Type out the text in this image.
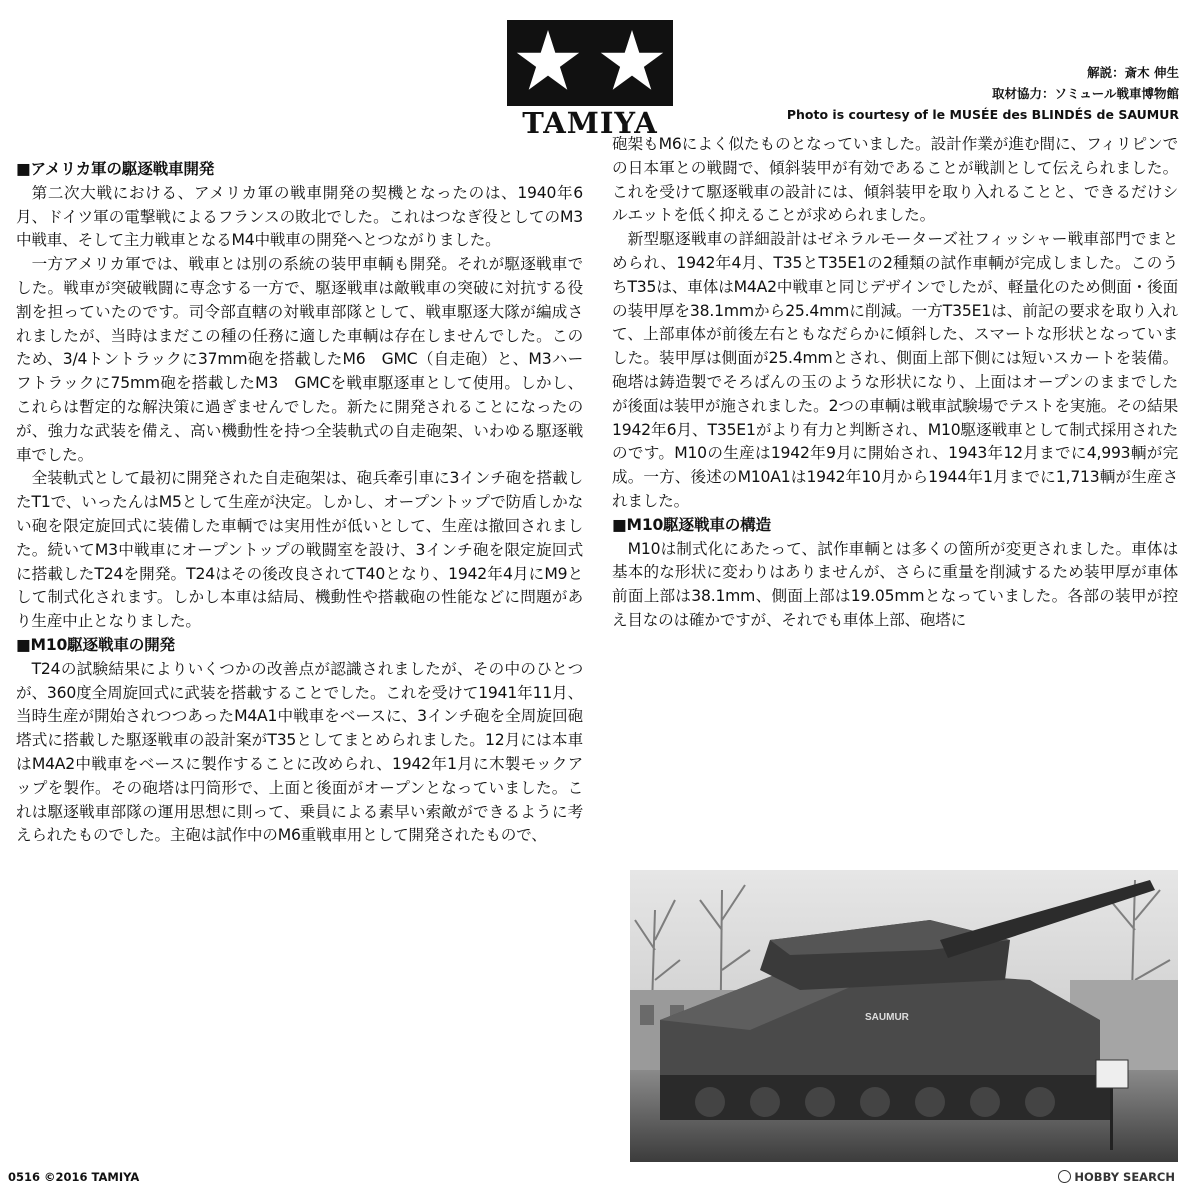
TAMIYA
解説：斎木 伸生
取材協力：ソミュール戦車博物館
Photo is courtesy of le MUSÉE des BLINDÉS de SAUMUR
■アメリカ軍の駆逐戦車開発

第二次大戦における、アメリカ軍の戦車開発の契機となったのは、1940年6月、ドイツ軍の電撃戦によるフランスの敗北でした。これはつなぎ役としてのM3中戦車、そして主力戦車となるM4中戦車の開発へとつながりました。

一方アメリカ軍では、戦車とは別の系統の装甲車輌も開発。それが駆逐戦車でした。戦車が突破戦闘に専念する一方で、駆逐戦車は敵戦車の突破に対抗する役割を担っていたのです。司令部直轄の対戦車部隊として、戦車駆逐大隊が編成されましたが、当時はまだこの種の任務に適した車輌は存在しませんでした。このため、3/4トントラックに37mm砲を搭載したM6　GMC（自走砲）と、M3ハーフトラックに75mm砲を搭載したM3　GMCを戦車駆逐車として使用。しかし、これらは暫定的な解決策に過ぎませんでした。新たに開発されることになったのが、強力な武装を備え、高い機動性を持つ全装軌式の自走砲架、いわゆる駆逐戦車でした。

全装軌式として最初に開発された自走砲架は、砲兵牽引車に3インチ砲を搭載したT1で、いったんはM5として生産が決定。しかし、オープントップで防盾しかない砲を限定旋回式に装備した車輌では実用性が低いとして、生産は撤回されました。続いてM3中戦車にオープントップの戦闘室を設け、3インチ砲を限定旋回式に搭載したT24を開発。T24はその後改良されてT40となり、1942年4月にM9として制式化されます。しかし本車は結局、機動性や搭載砲の性能などに問題があり生産中止となりました。

■M10駆逐戦車の開発

T24の試験結果によりいくつかの改善点が認識されましたが、その中のひとつが、360度全周旋回式に武装を搭載することでした。これを受けて1941年11月、当時生産が開始されつつあったM4A1中戦車をベースに、3インチ砲を全周旋回砲塔式に搭載した駆逐戦車の設計案がT35としてまとめられました。12月には本車はM4A2中戦車をベースに製作することに改められ、1942年1月に木製モックアップを製作。その砲塔は円筒形で、上面と後面がオープンとなっていました。これは駆逐戦車部隊の運用思想に則って、乗員による素早い索敵ができるように考えられたものでした。主砲は試作中のM6重戦車用として開発されたもので、

砲架もM6によく似たものとなっていました。設計作業が進む間に、フィリピンでの日本軍との戦闘で、傾斜装甲が有効であることが戦訓として伝えられました。これを受けて駆逐戦車の設計には、傾斜装甲を取り入れることと、できるだけシルエットを低く抑えることが求められました。

新型駆逐戦車の詳細設計はゼネラルモーターズ社フィッシャー戦車部門でまとめられ、1942年4月、T35とT35E1の2種類の試作車輌が完成しました。このうちT35は、車体はM4A2中戦車と同じデザインでしたが、軽量化のため側面・後面の装甲厚を38.1mmから25.4mmに削減。一方T35E1は、前記の要求を取り入れて、上部車体が前後左右ともなだらかに傾斜した、スマートな形状となっていました。装甲厚は側面が25.4mmとされ、側面上部下側には短いスカートを装備。砲塔は鋳造製でそろばんの玉のような形状になり、上面はオープンのままでしたが後面は装甲が施されました。2つの車輌は戦車試験場でテストを実施。その結果1942年6月、T35E1がより有力と判断され、M10駆逐戦車として制式採用されたのです。M10の生産は1942年9月に開始され、1943年12月までに4,993輌が完成。一方、後述のM10A1は1942年10月から1944年1月までに1,713輌が生産されました。

■M10駆逐戦車の構造

M10は制式化にあたって、試作車輌とは多くの箇所が変更されました。車体は基本的な形状に変わりはありませんが、さらに重量を削減するため装甲厚が車体前面上部は38.1mm、側面上部は19.05mmとなっていました。各部の装甲が控え目なのは確かですが、それでも車体上部、砲塔に

SAUMUR
0516 ©2016 TAMIYA	HOBBY SEARCH
